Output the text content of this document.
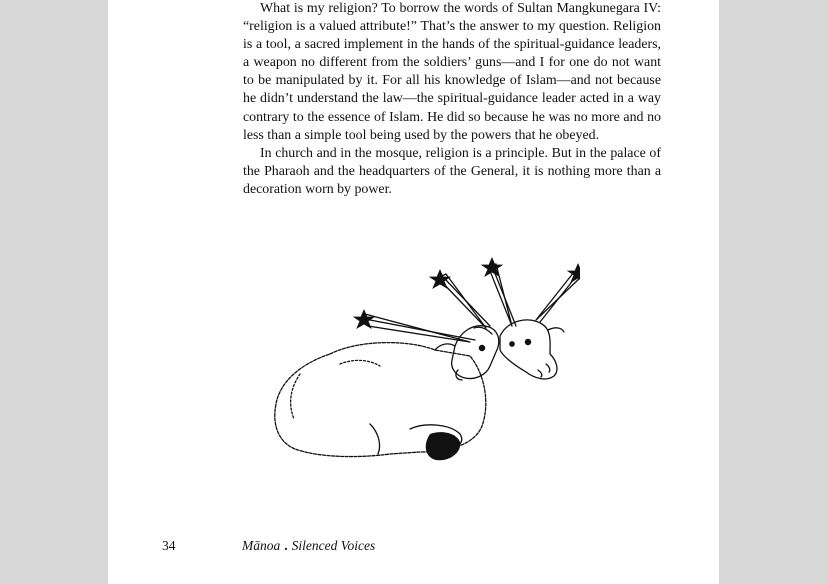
What is my religion? To borrow the words of Sultan Mangkunegara IV: “religion is a valued attribute!” That’s the answer to my question. Religion is a tool, a sacred implement in the hands of the spiritual-guidance leaders, a weapon no different from the soldiers’ guns—and I for one do not want to be manipulated by it. For all his knowledge of Islam—and not because he didn’t understand the law—the spiritual-guidance leader acted in a way contrary to the essence of Islam. He did so because he was no more and no less than a simple tool being used by the powers that he obeyed.

In church and in the mosque, religion is a principle. But in the palace of the Pharaoh and the headquarters of the General, it is nothing more than a decoration worn by power.

34	Mānoa . Silenced Voices
